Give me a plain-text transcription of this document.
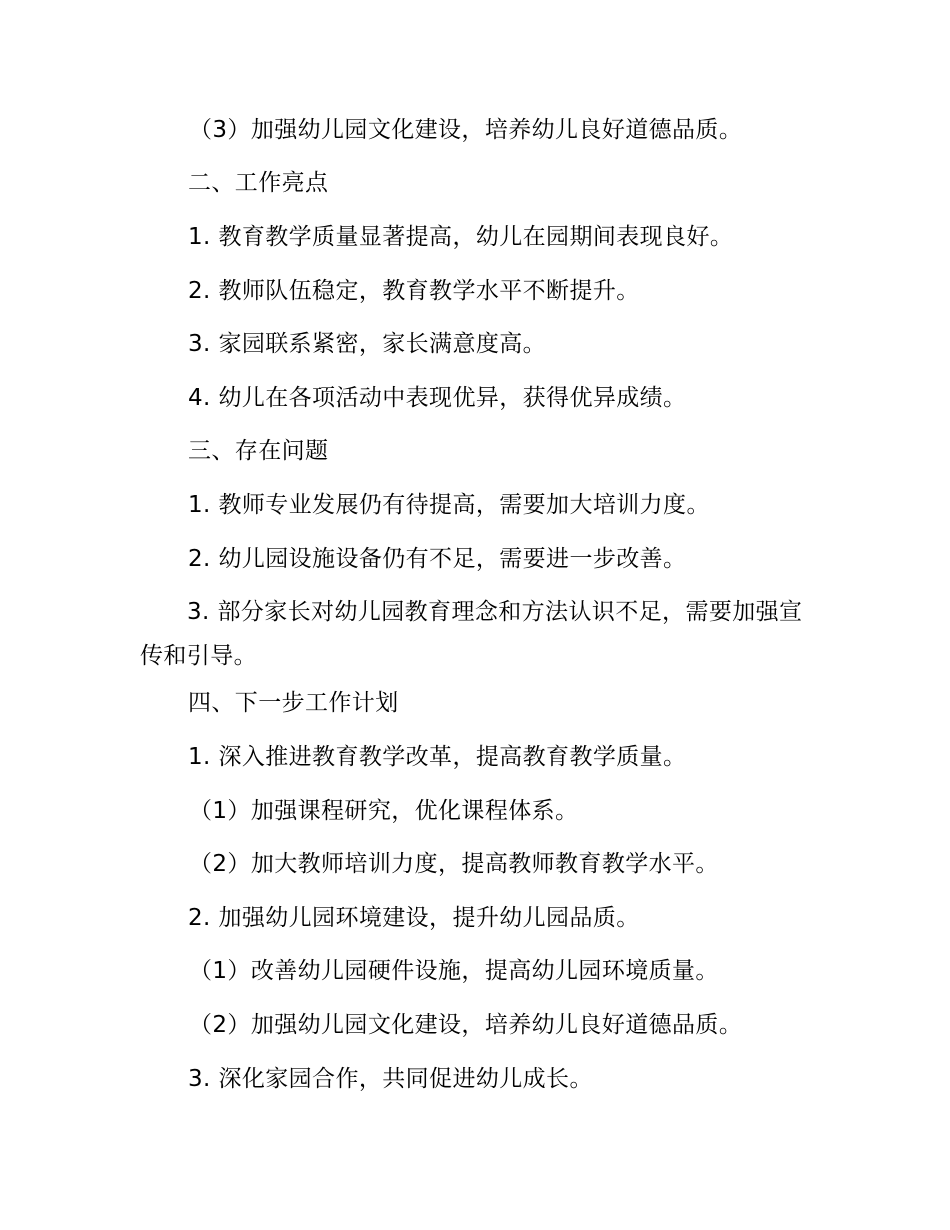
（3）加强幼儿园文化建设，培养幼儿良好道德品质。
二、工作亮点
1. 教育教学质量显著提高，幼儿在园期间表现良好。
2. 教师队伍稳定，教育教学水平不断提升。
3. 家园联系紧密，家长满意度高。
4. 幼儿在各项活动中表现优异，获得优异成绩。
三、存在问题
1. 教师专业发展仍有待提高，需要加大培训力度。
2. 幼儿园设施设备仍有不足，需要进一步改善。
3. 部分家长对幼儿园教育理念和方法认识不足，需要加强宣传和引导。
四、下一步工作计划
1. 深入推进教育教学改革，提高教育教学质量。
（1）加强课程研究，优化课程体系。
（2）加大教师培训力度，提高教师教育教学水平。
2. 加强幼儿园环境建设，提升幼儿园品质。
（1）改善幼儿园硬件设施，提高幼儿园环境质量。
（2）加强幼儿园文化建设，培养幼儿良好道德品质。
3. 深化家园合作，共同促进幼儿成长。
